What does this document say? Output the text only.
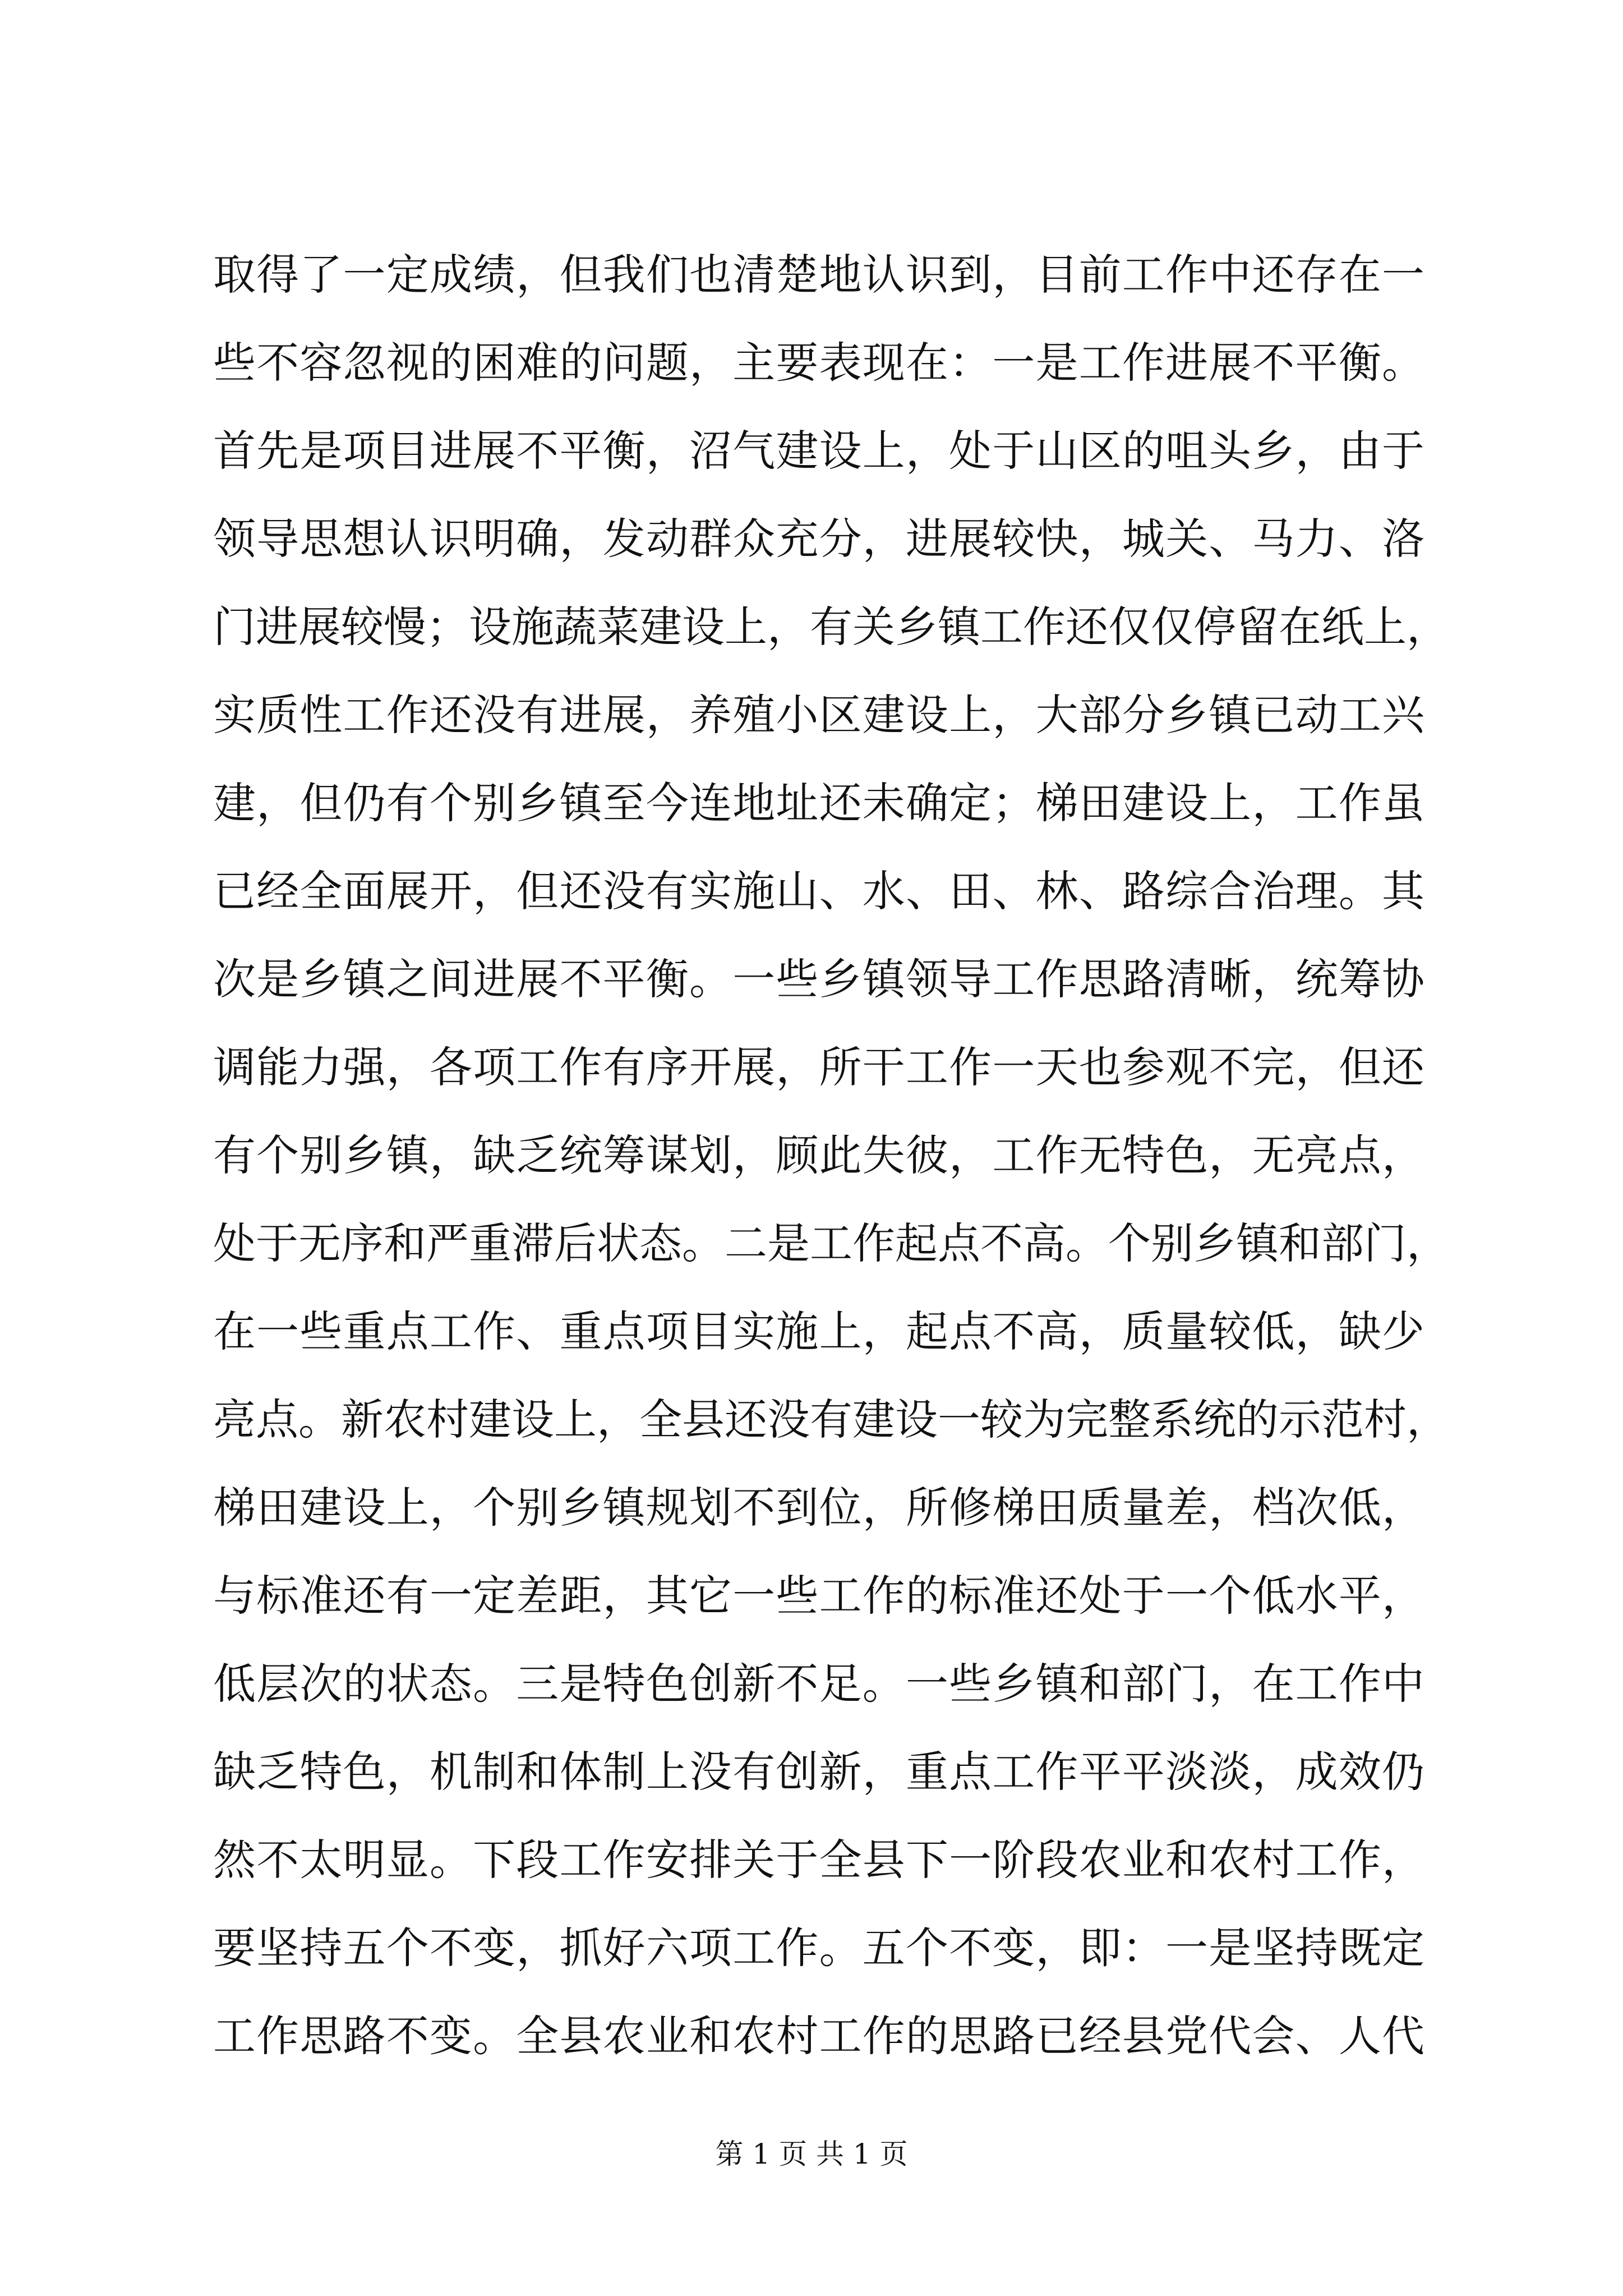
取得了一定成绩，但我们也清楚地认识到，目前工作中还存在一
些不容忽视的困难的问题，主要表现在：一是工作进展不平衡。
首先是项目进展不平衡，沼气建设上，处于山区的咀头乡，由于
领导思想认识明确，发动群众充分，进展较快，城关、马力、洛
门进展较慢；设施蔬菜建设上，有关乡镇工作还仅仅停留在纸上，
实质性工作还没有进展，养殖小区建设上，大部分乡镇已动工兴
建，但仍有个别乡镇至今连地址还未确定；梯田建设上，工作虽
已经全面展开，但还没有实施山、水、田、林、路综合治理。其
次是乡镇之间进展不平衡。一些乡镇领导工作思路清晰，统筹协
调能力强，各项工作有序开展，所干工作一天也参观不完，但还
有个别乡镇，缺乏统筹谋划，顾此失彼，工作无特色，无亮点，
处于无序和严重滞后状态。二是工作起点不高。个别乡镇和部门，
在一些重点工作、重点项目实施上，起点不高，质量较低，缺少
亮点。新农村建设上，全县还没有建设一较为完整系统的示范村，
梯田建设上，个别乡镇规划不到位，所修梯田质量差，档次低，
与标准还有一定差距，其它一些工作的标准还处于一个低水平，
低层次的状态。三是特色创新不足。一些乡镇和部门，在工作中
缺乏特色，机制和体制上没有创新，重点工作平平淡淡，成效仍
然不太明显。下段工作安排关于全县下一阶段农业和农村工作，
要坚持五个不变，抓好六项工作。五个不变，即：一是坚持既定
工作思路不变。全县农业和农村工作的思路已经县党代会、人代
第 1 页 共 1 页
